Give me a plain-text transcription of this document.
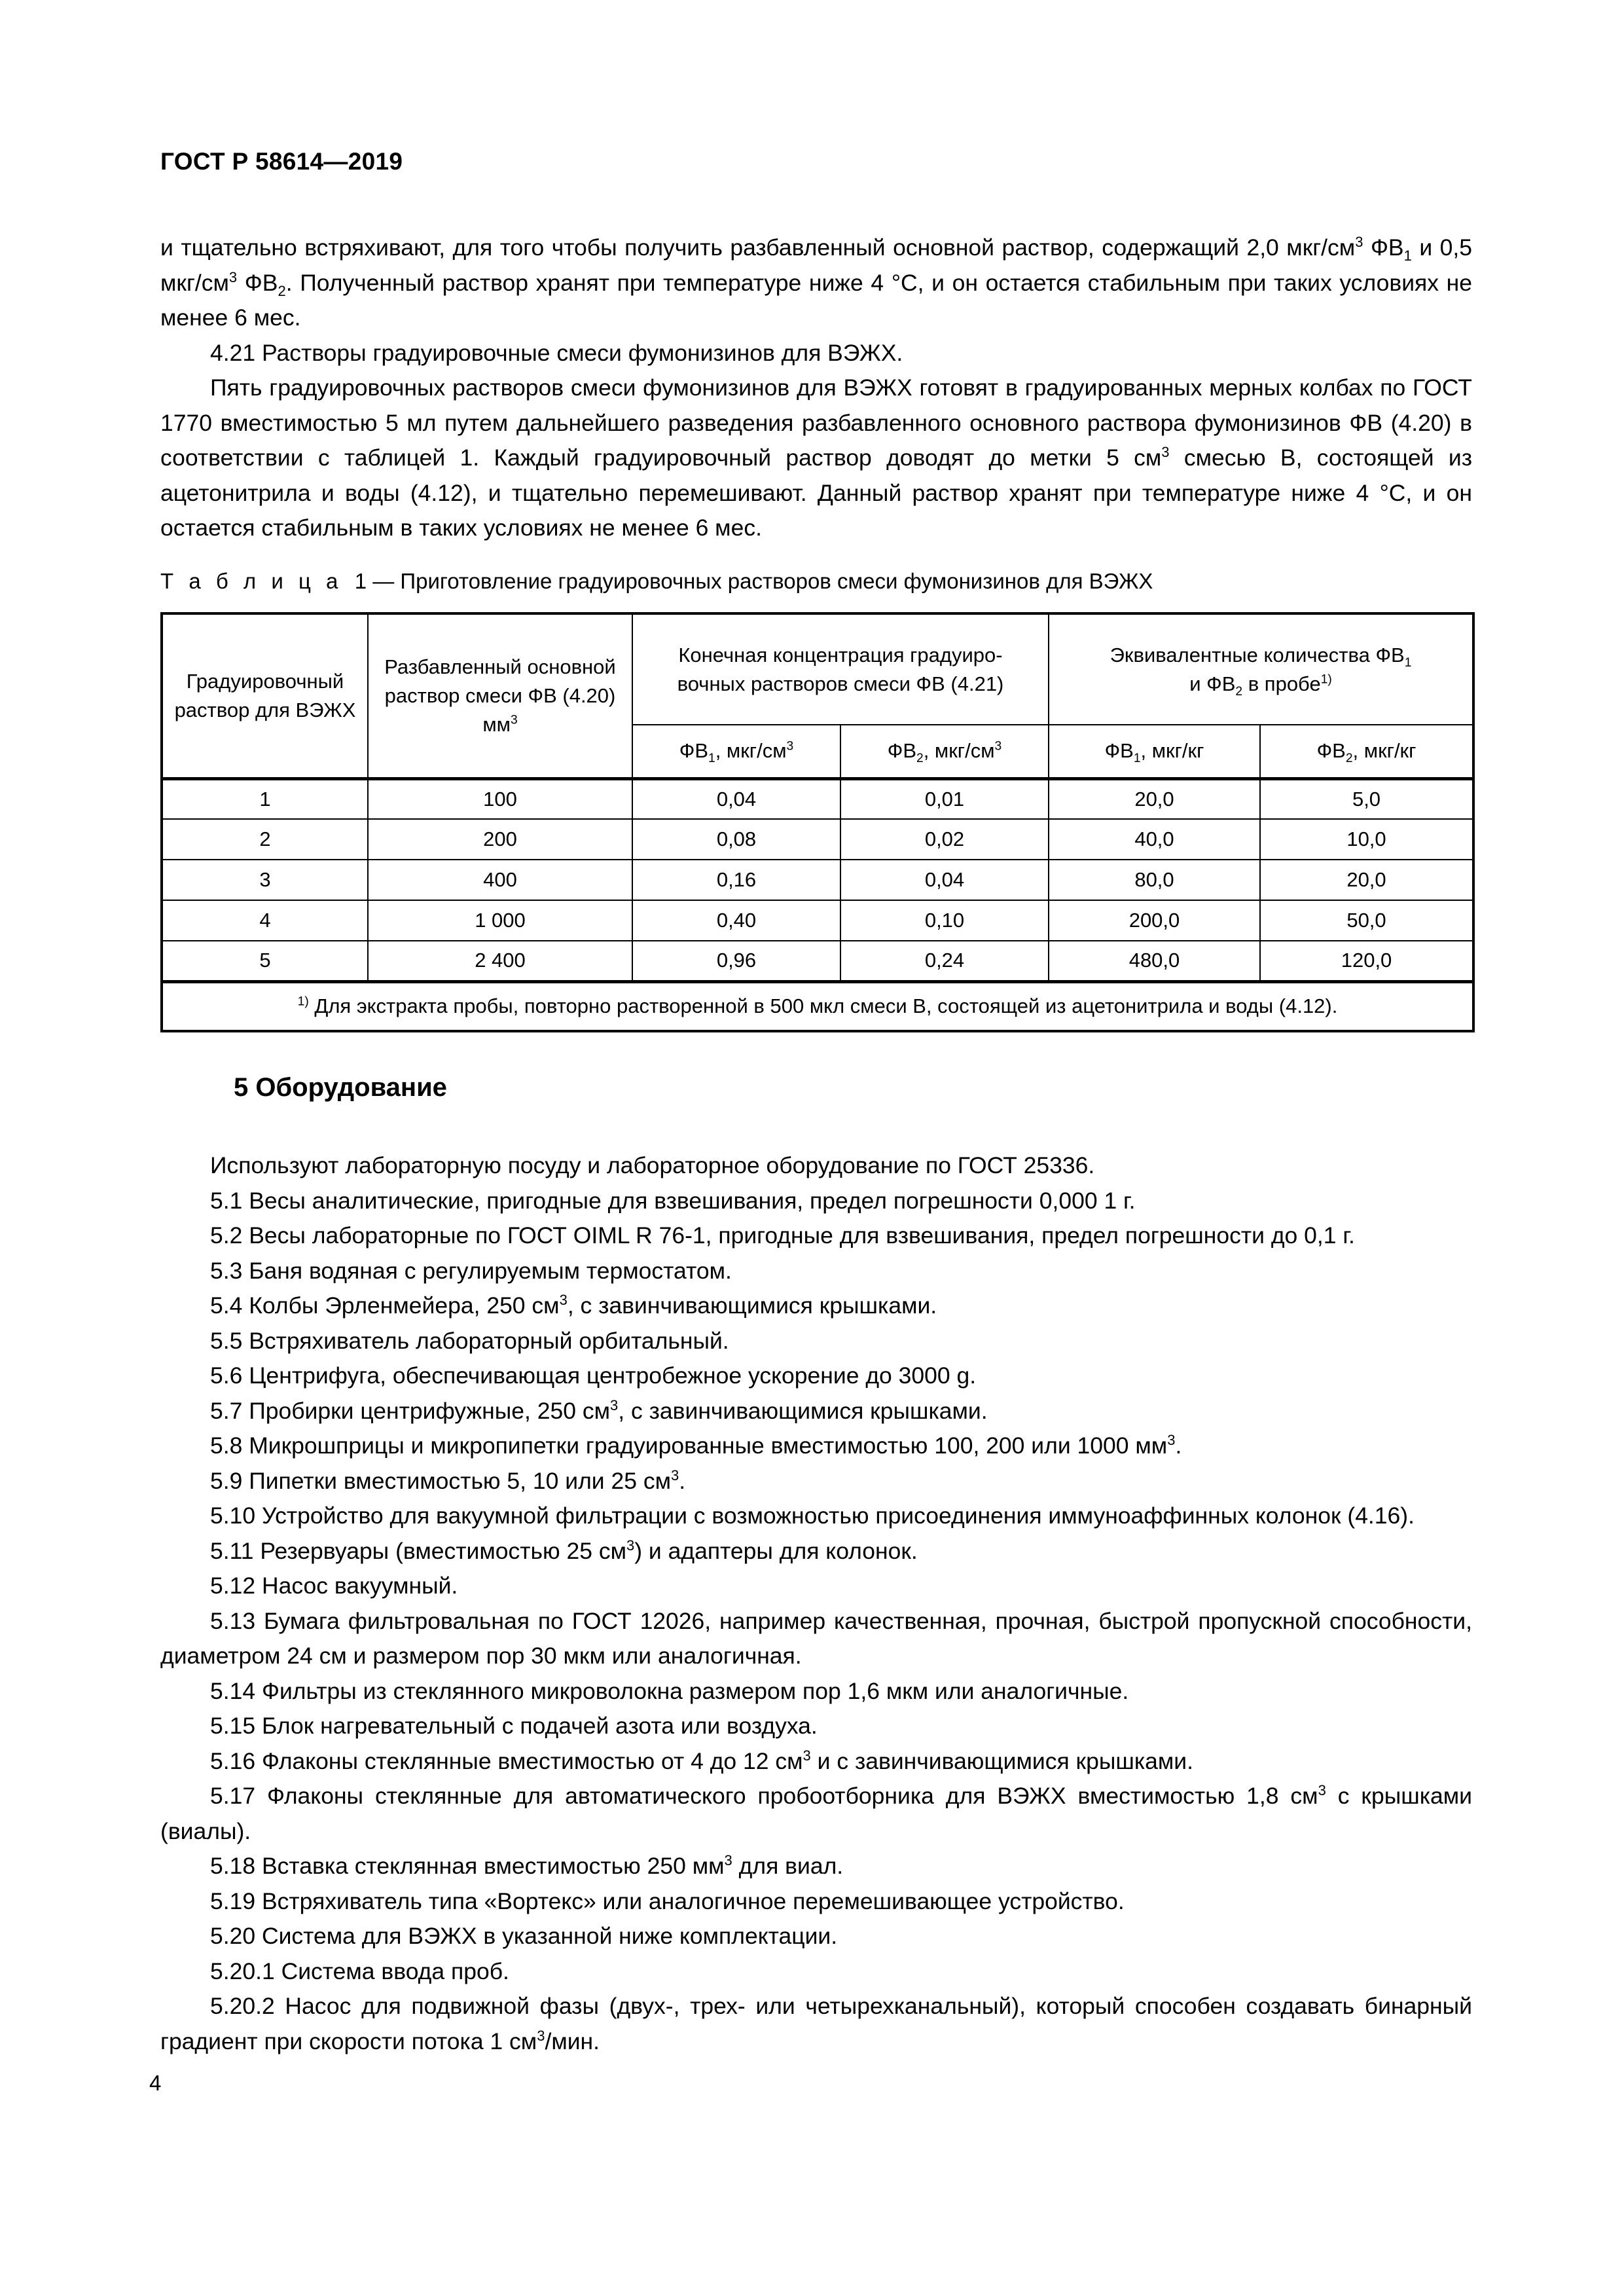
ГОСТ Р 58614—2019

и тщательно встряхивают, для того чтобы получить разбавленный основной раствор, содержащий 2,0 мкг/$см^3$ $ФВ_1$ и 0,5 мкг/$см^3$ $ФВ_2$. Полученный раствор хранят при температуре ниже 4 °C, и он остается стабильным при таких условиях не менее 6 мес.

4.21 Растворы градуировочные смеси фумонизинов для ВЭЖХ.

Пять градуировочных растворов смеси фумонизинов для ВЭЖХ готовят в градуированных мерных колбах по ГОСТ 1770 вместимостью 5 мл путем дальнейшего разведения разбавленного основного раствора фумонизинов ФВ (4.20) в соответствии с таблицей 1. Каждый градуировочный раствор доводят до метки 5 $см^3$ смесью В, состоящей из ацетонитрила и воды (4.12), и тщательно перемешивают. Данный раствор хранят при температуре ниже 4 °C, и он остается стабильным в таких условиях не менее 6 мес.

Т а б л и ц а 1 — Приготовление градуировочных растворов смеси фумонизинов для ВЭЖХ
Градуировочный раствор для ВЭЖХ	Разбавленный основной
раствор смеси ФВ (4.20)
$мм^3$	Конечная концентрация градуиро-
вочных растворов смеси ФВ (4.21)		Эквивалентные количества $ФВ_1$
и $ФВ_2$ в пробе$^{1)}$
		$ФВ_1$, мкг/$см^3$	$ФВ_2$, мкг/$см^3$	$ФВ_1$, мкг/кг	$ФВ_2$, мкг/кг
1	100	0,04	0,01	20,0	5,0
2	200	0,08	0,02	40,0	10,0
3	400	0,16	0,04	80,0	20,0
4	1 000	0,40	0,10	200,0	50,0
5	2 400	0,96	0,24	480,0	120,0
$^{1)}$ Для экстракта пробы, повторно растворенной в 500 мкл смеси В, состоящей из ацетонитрила и воды (4.12).					
5 Оборудование

Используют лабораторную посуду и лабораторное оборудование по ГОСТ 25336.

5.1 Весы аналитические, пригодные для взвешивания, предел погрешности 0,000 1 г.

5.2 Весы лабораторные по ГОСТ OIML R 76-1, пригодные для взвешивания, предел погрешности до 0,1 г.

5.3 Баня водяная с регулируемым термостатом.

5.4 Колбы Эрленмейера, 250 $см^3$, с завинчивающимися крышками.

5.5 Встряхиватель лабораторный орбитальный.

5.6 Центрифуга, обеспечивающая центробежное ускорение до 3000 g.

5.7 Пробирки центрифужные, 250 $см^3$, с завинчивающимися крышками.

5.8 Микрошприцы и микропипетки градуированные вместимостью 100, 200 или 1000 $мм^3$.

5.9 Пипетки вместимостью 5, 10 или 25 $см^3$.

5.10 Устройство для вакуумной фильтрации с возможностью присоединения иммуноаффинных колонок (4.16).

5.11 Резервуары (вместимостью 25 $см^3$) и адаптеры для колонок.

5.12 Насос вакуумный.

5.13 Бумага фильтровальная по ГОСТ 12026, например качественная, прочная, быстрой пропускной способности, диаметром 24 см и размером пор 30 мкм или аналогичная.

5.14 Фильтры из стеклянного микроволокна размером пор 1,6 мкм или аналогичные.

5.15 Блок нагревательный с подачей азота или воздуха.

5.16 Флаконы стеклянные вместимостью от 4 до 12 $см^3$ и с завинчивающимися крышками.

5.17 Флаконы стеклянные для автоматического пробоотборника для ВЭЖХ вместимостью 1,8 $см^3$ с крышками (виалы).

5.18 Вставка стеклянная вместимостью 250 $мм^3$ для виал.

5.19 Встряхиватель типа «Вортекс» или аналогичное перемешивающее устройство.

5.20 Система для ВЭЖХ в указанной ниже комплектации.

5.20.1 Система ввода проб.

5.20.2 Насос для подвижной фазы (двух-, трех- или четырехканальный), который способен создавать бинарный градиент при скорости потока 1 $см^3$/мин.

4
